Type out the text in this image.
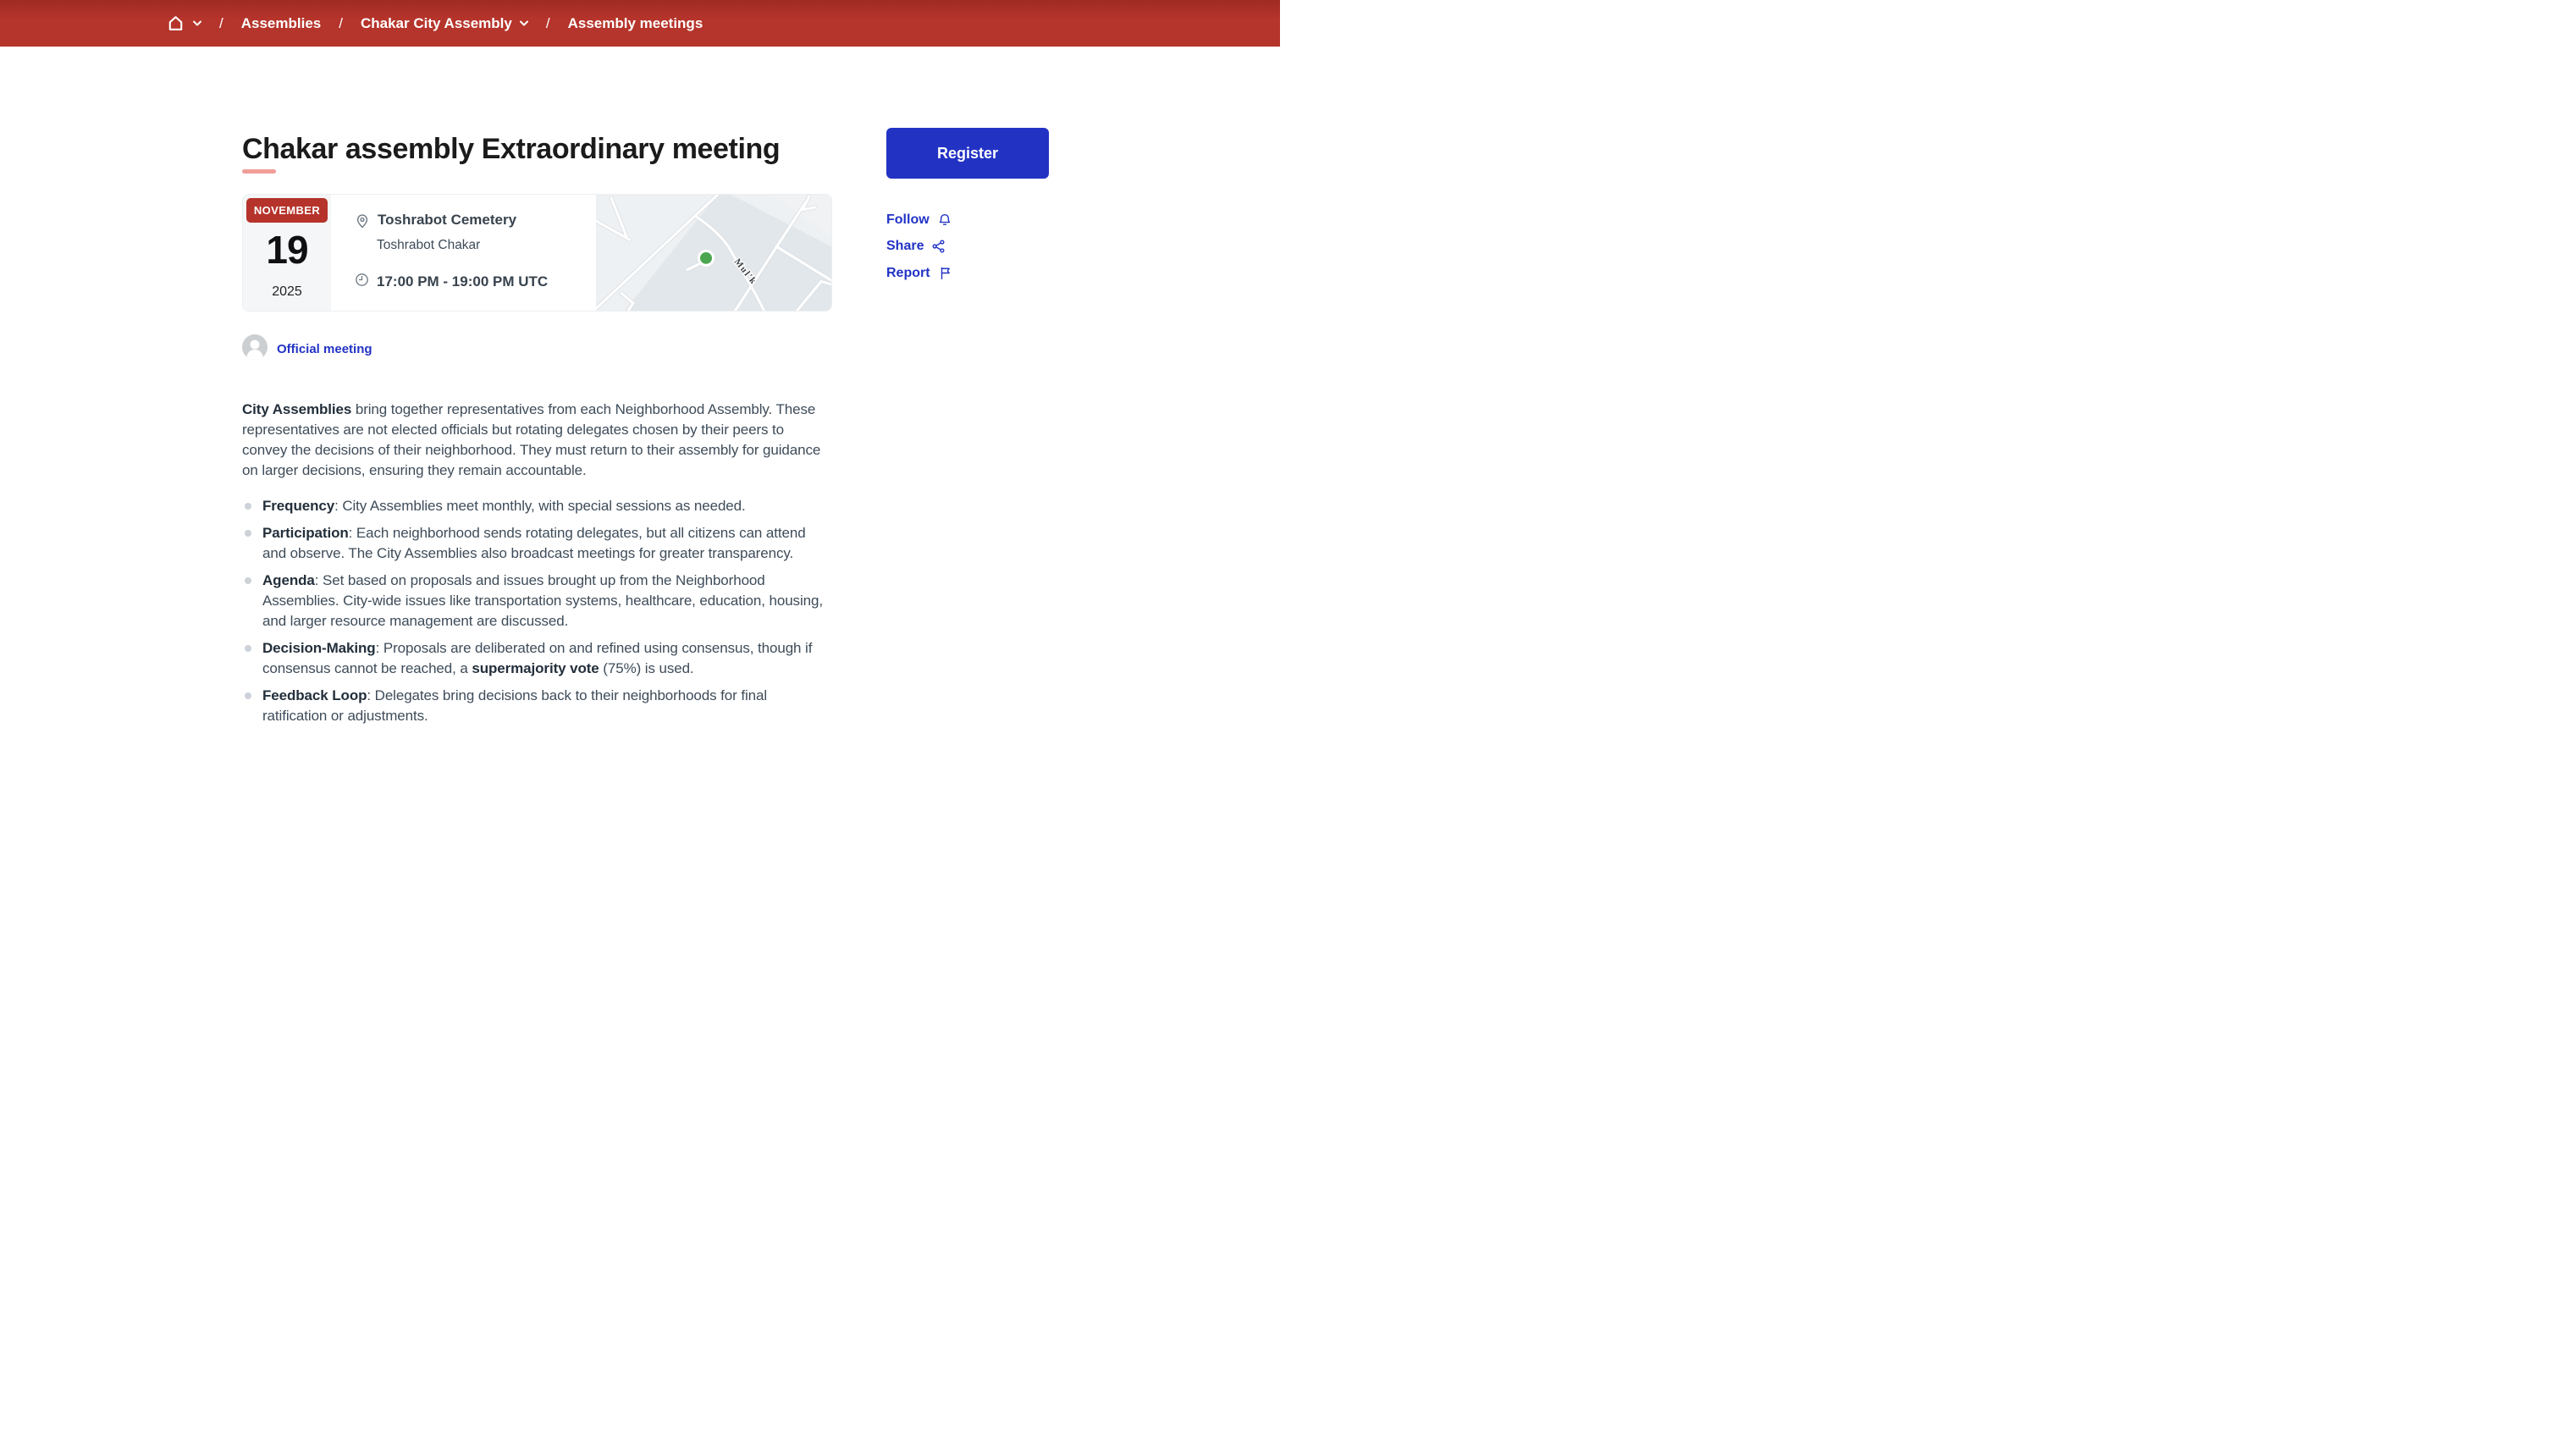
/ Assemblies / Chakar City Assembly / Assembly meetings
Chakar assembly Extraordinary meeting
NOVEMBER
19
2025
Toshrabot Cemetery
Toshrabot Chakar
17:00 PM - 19:00 PM UTC	Mul'k
Official meeting

City Assemblies bring together representatives from each Neighborhood Assembly. These representatives are not elected officials but rotating delegates chosen by their peers to convey the decisions of their neighborhood. They must return to their assembly for guidance on larger decisions, ensuring they remain accountable.

Frequency: City Assemblies meet monthly, with special sessions as needed.
Participation: Each neighborhood sends rotating delegates, but all citizens can attend and observe. The City Assemblies also broadcast meetings for greater transparency.
Agenda: Set based on proposals and issues brought up from the Neighborhood Assemblies. City-wide issues like transportation systems, healthcare, education, housing, and larger resource management are discussed.
Decision-Making: Proposals are deliberated on and refined using consensus, though if consensus cannot be reached, a supermajority vote (75%) is used.
Feedback Loop: Delegates bring decisions back to their neighborhoods for final ratification or adjustments.
Register
Follow
Share
Report
